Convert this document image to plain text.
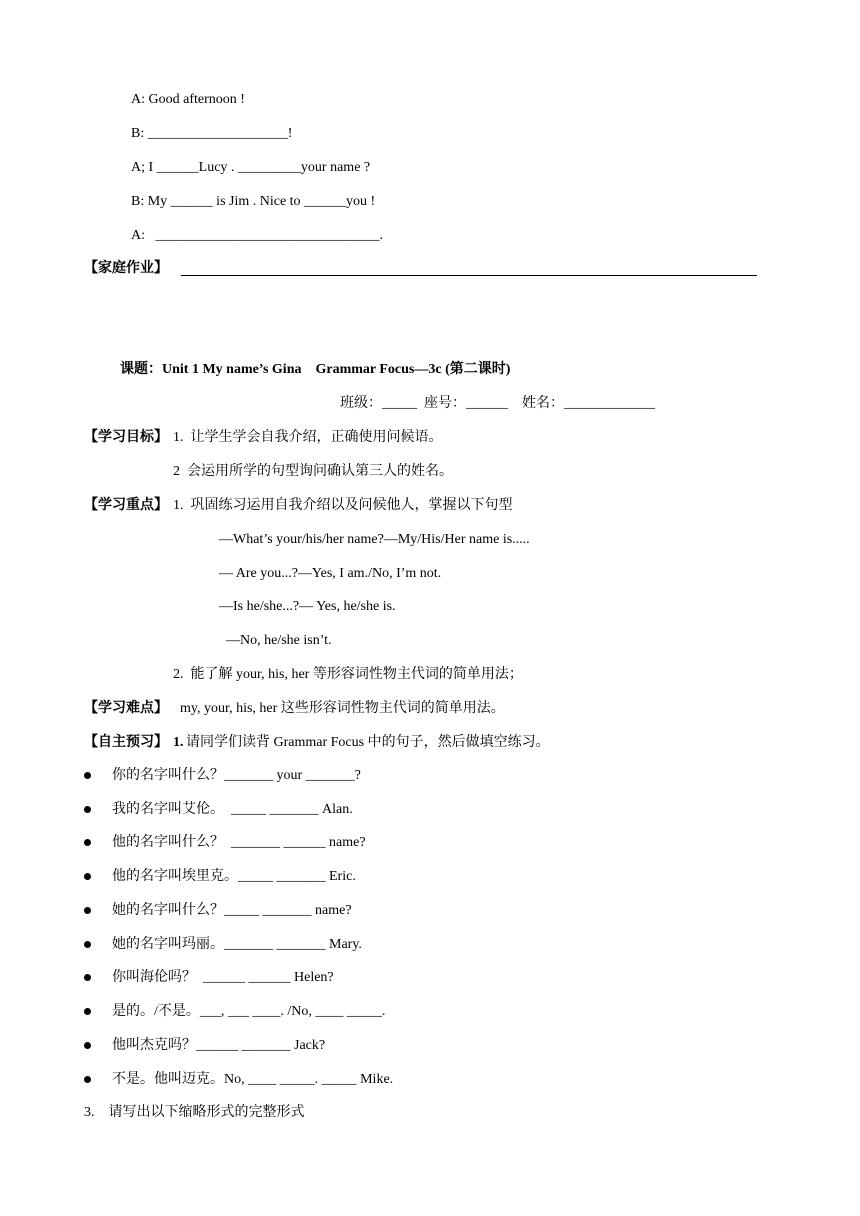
A: Good afternoon !
B: ____________________!
A; I ______Lucy . _________your name ?
B: My ______ is Jim . Nice to ______you !
A:   ________________________________.
【家庭作业】
课题：Unit 1 My name’s Gina    Grammar Focus—3c (第二课时)
班级：_____  座号：______    姓名：_____________
【学习目标】 1.  让学生学会自我介绍，正确使用问候语。
2  会运用所学的句型询问确认第三人的姓名。
【学习重点】 1.  巩固练习运用自我介绍以及问候他人，掌握以下句型
—What’s your/his/her name?—My/His/Her name is.....
— Are you...?—Yes, I am./No, I’m not.
—Is he/she...?— Yes, he/she is.
—No, he/she isn’t.
2.  能了解 your, his, her 等形容词性物主代词的简单用法；
【学习难点】 my, your, his, her 这些形容词性物主代词的简单用法。
【自主预习】 1. 请同学们读背 Grammar Focus 中的句子，然后做填空练习。
你的名字叫什么？_______ your _______?
我的名字叫艾伦。  _____ _______ Alan.
他的名字叫什么？  _______ ______ name?
他的名字叫埃里克。_____ _______ Eric.
她的名字叫什么？_____ _______ name?
她的名字叫玛丽。_______ _______ Mary.
你叫海伦吗？  ______ ______ Helen?
是的。/不是。___, ___ ____. /No, ____ _____.
他叫杰克吗？______ _______ Jack?
不是。他叫迈克。No, ____ _____. _____ Mike.
3.    请写出以下缩略形式的完整形式
